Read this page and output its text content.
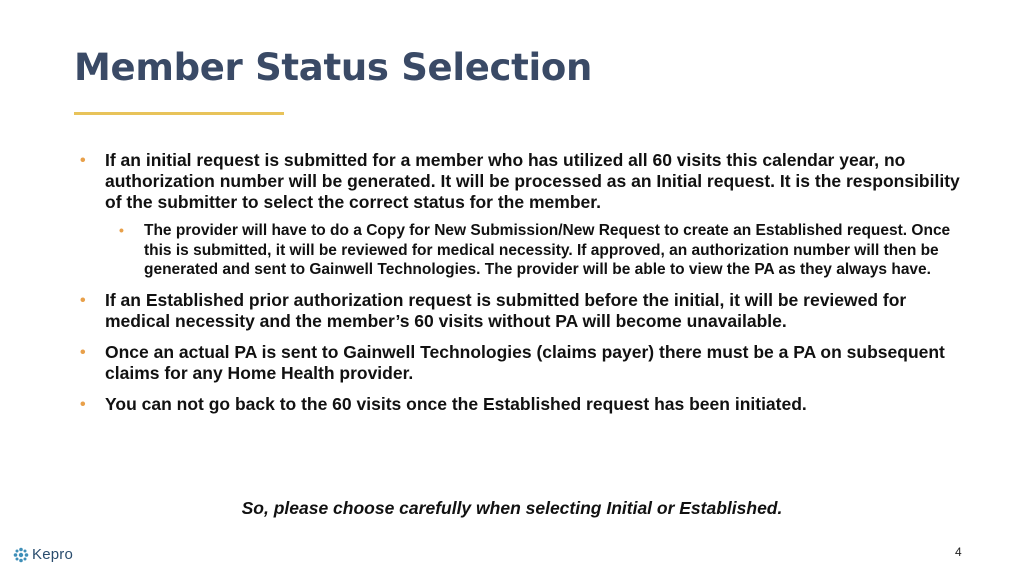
Member Status Selection
• If an initial request is submitted for a member who has utilized all 60 visits this calendar year, no authorization number will be generated. It will be processed as an Initial request. It is the responsibility of the submitter to select the correct status for the member.
• The provider will have to do a Copy for New Submission/New Request to create an Established request. Once this is submitted, it will be reviewed for medical necessity. If approved, an authorization number will then be generated and sent to Gainwell Technologies. The provider will be able to view the PA as they always have.
• If an Established prior authorization request is submitted before the initial, it will be reviewed for medical necessity and the member’s 60 visits without PA will become unavailable.
• Once an actual PA is sent to Gainwell Technologies (claims payer) there must be a PA on subsequent claims for any Home Health provider.
• You can not go back to the 60 visits once the Established request has been initiated.

So, please choose carefully when selecting Initial or Established.

Kepro	4
